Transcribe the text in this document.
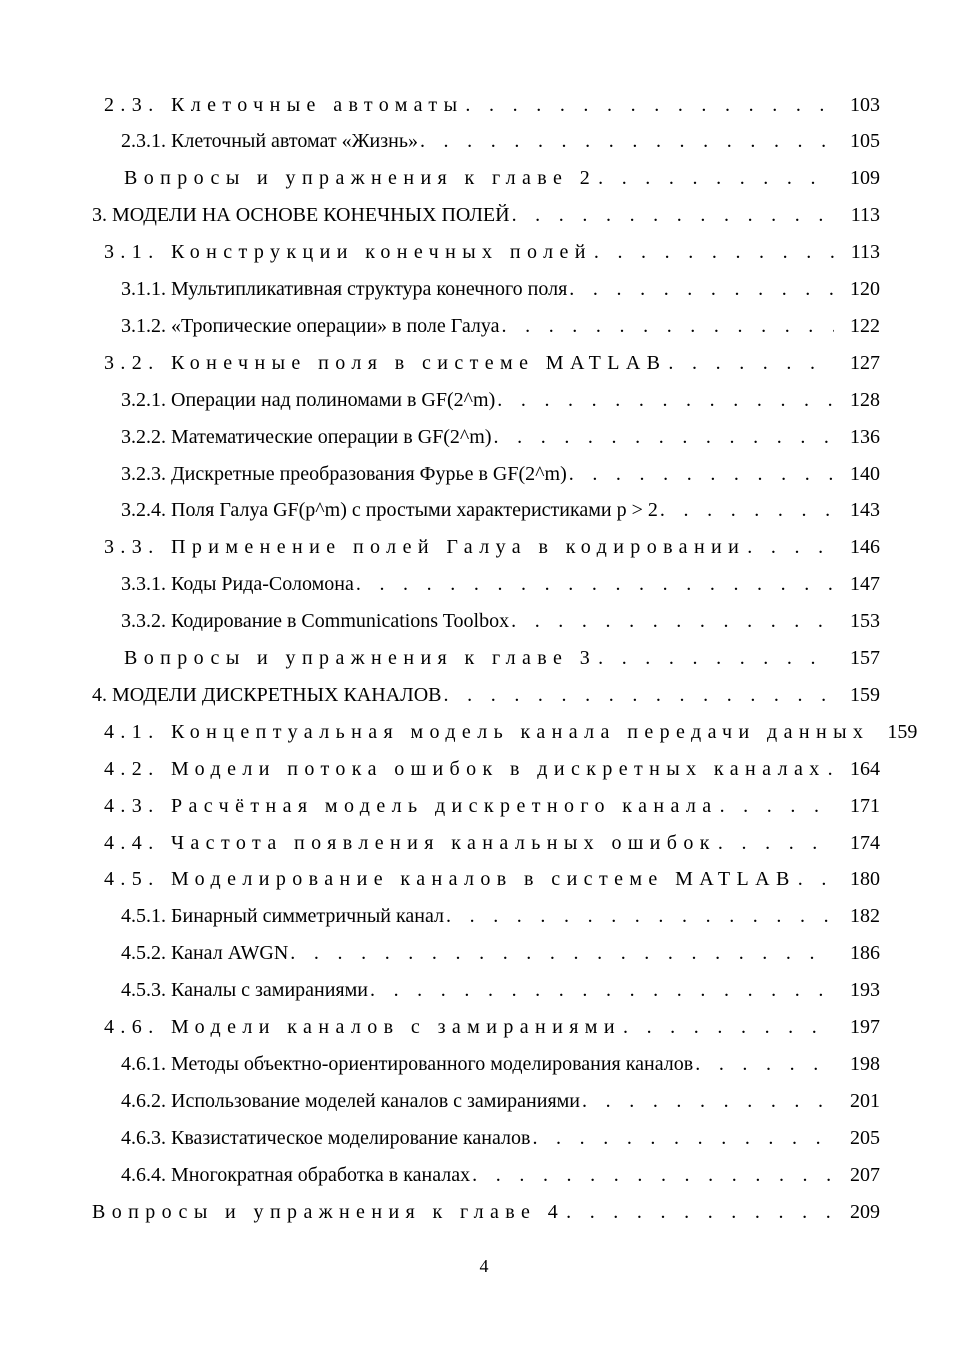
2.3. Клеточные автоматы . . .	103
2.3.1. Клеточный автомат «Жизнь» . . .	105
Вопросы и упражнения к главе 2 . . .	109
3. МОДЕЛИ НА ОСНОВЕ КОНЕЧНЫХ ПОЛЕЙ . . .	113
3.1. Конструкции конечных полей . . .	113
3.1.1. Мультипликативная структура конечного поля . . .	120
3.1.2. «Тропические операции» в поле Галуа . . .	122
3.2. Конечные поля в системе MATLAB . . .	127
3.2.1. Операции над полиномами в GF(2^m) . . .	128
3.2.2. Математические операции в GF(2^m) . . .	136
3.2.3. Дискретные преобразования Фурье в GF(2^m) . . .	140
3.2.4. Поля Галуа GF(p^m) с простыми характеристиками p > 2 . . .	143
3.3. Применение полей Галуа в кодировании . . .	146
3.3.1. Коды Рида-Соломона . . .	147
3.3.2. Кодирование в Communications Toolbox . . .	153
Вопросы и упражнения к главе 3 . . .	157
4. МОДЕЛИ ДИСКРЕТНЫХ КАНАЛОВ . . .	159
4.1. Концептуальная модель канала передачи данных 159
4.2. Модели потока ошибок в дискретных каналах . . .	164
4.3. Расчётная модель дискретного канала . . .	171
4.4. Частота появления канальных ошибок . . .	174
4.5. Моделирование каналов в системе MATLAB . . .	180
4.5.1. Бинарный симметричный канал . . .	182
4.5.2. Канал AWGN . . .	186
4.5.3. Каналы с замираниями . . .	193
4.6. Модели каналов с замираниями . . .	197
4.6.1. Методы объектно-ориентированного моделирования каналов . . .	198
4.6.2. Использование моделей каналов с замираниями . . .	201
4.6.3. Квазистатическое моделирование каналов . . .	205
4.6.4. Многократная обработка в каналах . . .	207
Вопросы и упражнения к главе 4 . . .	209
4
